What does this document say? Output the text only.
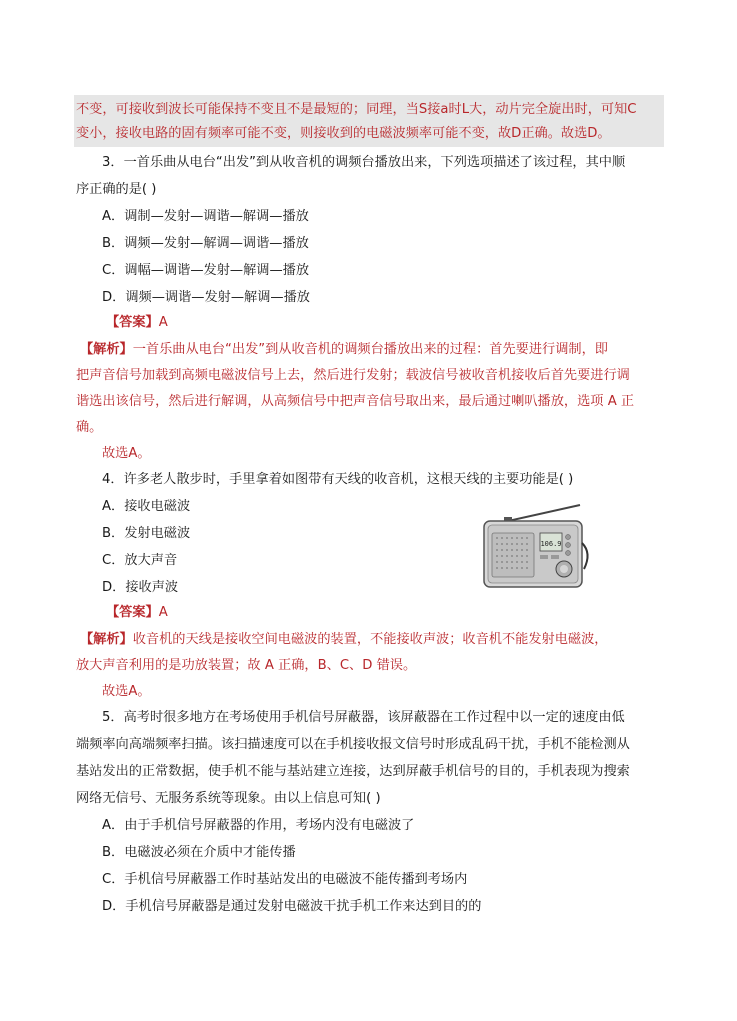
不变，可接收到波长可能保持不变且不是最短的；同理，当S接a时L大，动片完全旋出时，可知C
变小，接收电路的固有频率可能不变，则接收到的电磁波频率可能不变，故D正确。故选D。
3．一首乐曲从电台“出发”到从收音机的调频台播放出来，下列选项描述了该过程，其中顺
序正确的是( )
A．调制—发射—调谐—解调—播放
B．调频—发射—解调—调谐—播放
C．调幅—调谐—发射—解调—播放
D．调频—调谐—发射—解调—播放
【答案】A
【解析】一首乐曲从电台“出发”到从收音机的调频台播放出来的过程：首先要进行调制，即
把声音信号加载到高频电磁波信号上去，然后进行发射；载波信号被收音机接收后首先要进行调
谐选出该信号，然后进行解调，从高频信号中把声音信号取出来，最后通过喇叭播放，选项 A 正
确。
故选A。
4．许多老人散步时，手里拿着如图带有天线的收音机，这根天线的主要功能是( )
A．接收电磁波
B．发射电磁波
C．放大声音
D．接收声波
106.9
【答案】A
【解析】收音机的天线是接收空间电磁波的装置，不能接收声波；收音机不能发射电磁波，
放大声音利用的是功放装置；故 A 正确，B、C、D 错误。
故选A。
5．高考时很多地方在考场使用手机信号屏蔽器，该屏蔽器在工作过程中以一定的速度由低
端频率向高端频率扫描。该扫描速度可以在手机接收报文信号时形成乱码干扰，手机不能检测从
基站发出的正常数据，使手机不能与基站建立连接，达到屏蔽手机信号的目的，手机表现为搜索
网络无信号、无服务系统等现象。由以上信息可知( )
A．由于手机信号屏蔽器的作用，考场内没有电磁波了
B．电磁波必须在介质中才能传播
C．手机信号屏蔽器工作时基站发出的电磁波不能传播到考场内
D．手机信号屏蔽器是通过发射电磁波干扰手机工作来达到目的的
